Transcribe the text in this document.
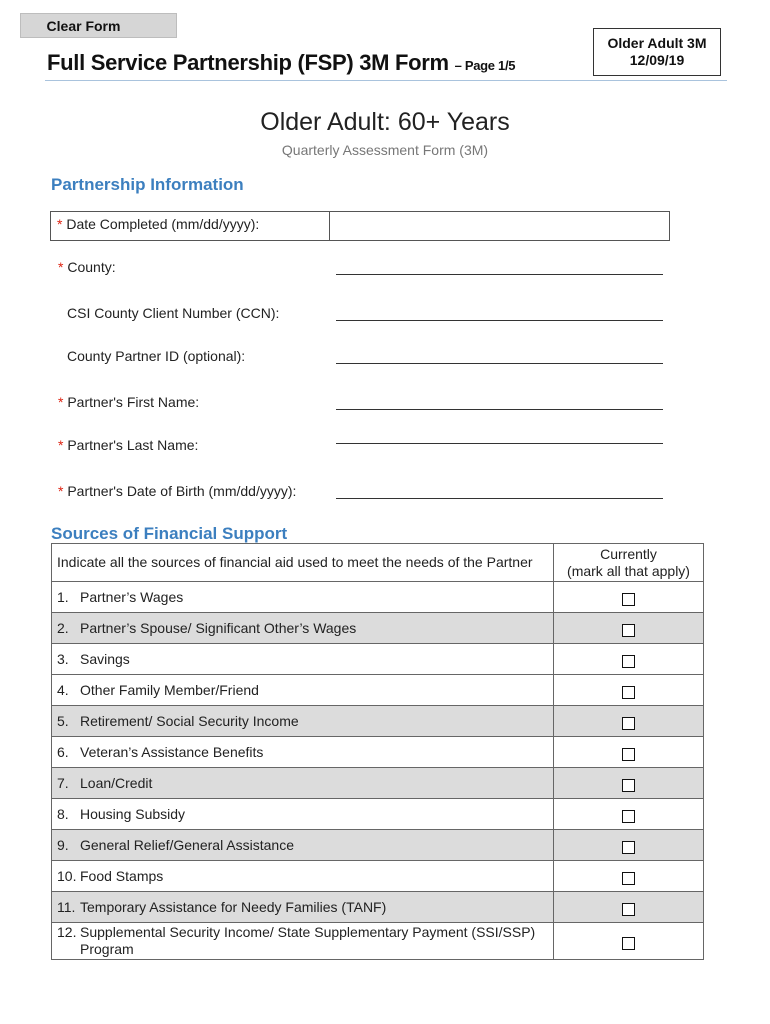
Clear Form
Full Service Partnership (FSP) 3M Form – Page 1/5
Older Adult 3M
12/09/19
Older Adult: 60+ Years
Quarterly Assessment Form (3M)
Partnership Information
* Date Completed (mm/dd/yyyy):
* County:
CSI County Client Number (CCN):
County Partner ID (optional):
* Partner's First Name:
* Partner's Last Name:
* Partner's Date of Birth (mm/dd/yyyy):
Sources of Financial Support
Indicate all the sources of financial aid used to meet the needs of the Partner	Currently
(mark all that apply)

1. Partner’s Wages	

2. Partner’s Spouse/ Significant Other’s Wages	

3. Savings	

4. Other Family Member/Friend	

5. Retirement/ Social Security Income	

6. Veteran’s Assistance Benefits	

7. Loan/Credit	

8. Housing Subsidy	

9. General Relief/General Assistance	

10. Food Stamps	

11. Temporary Assistance for Needy Families (TANF)	

12. Supplemental Security Income/ State Supplementary Payment (SSI/SSP) Program	
